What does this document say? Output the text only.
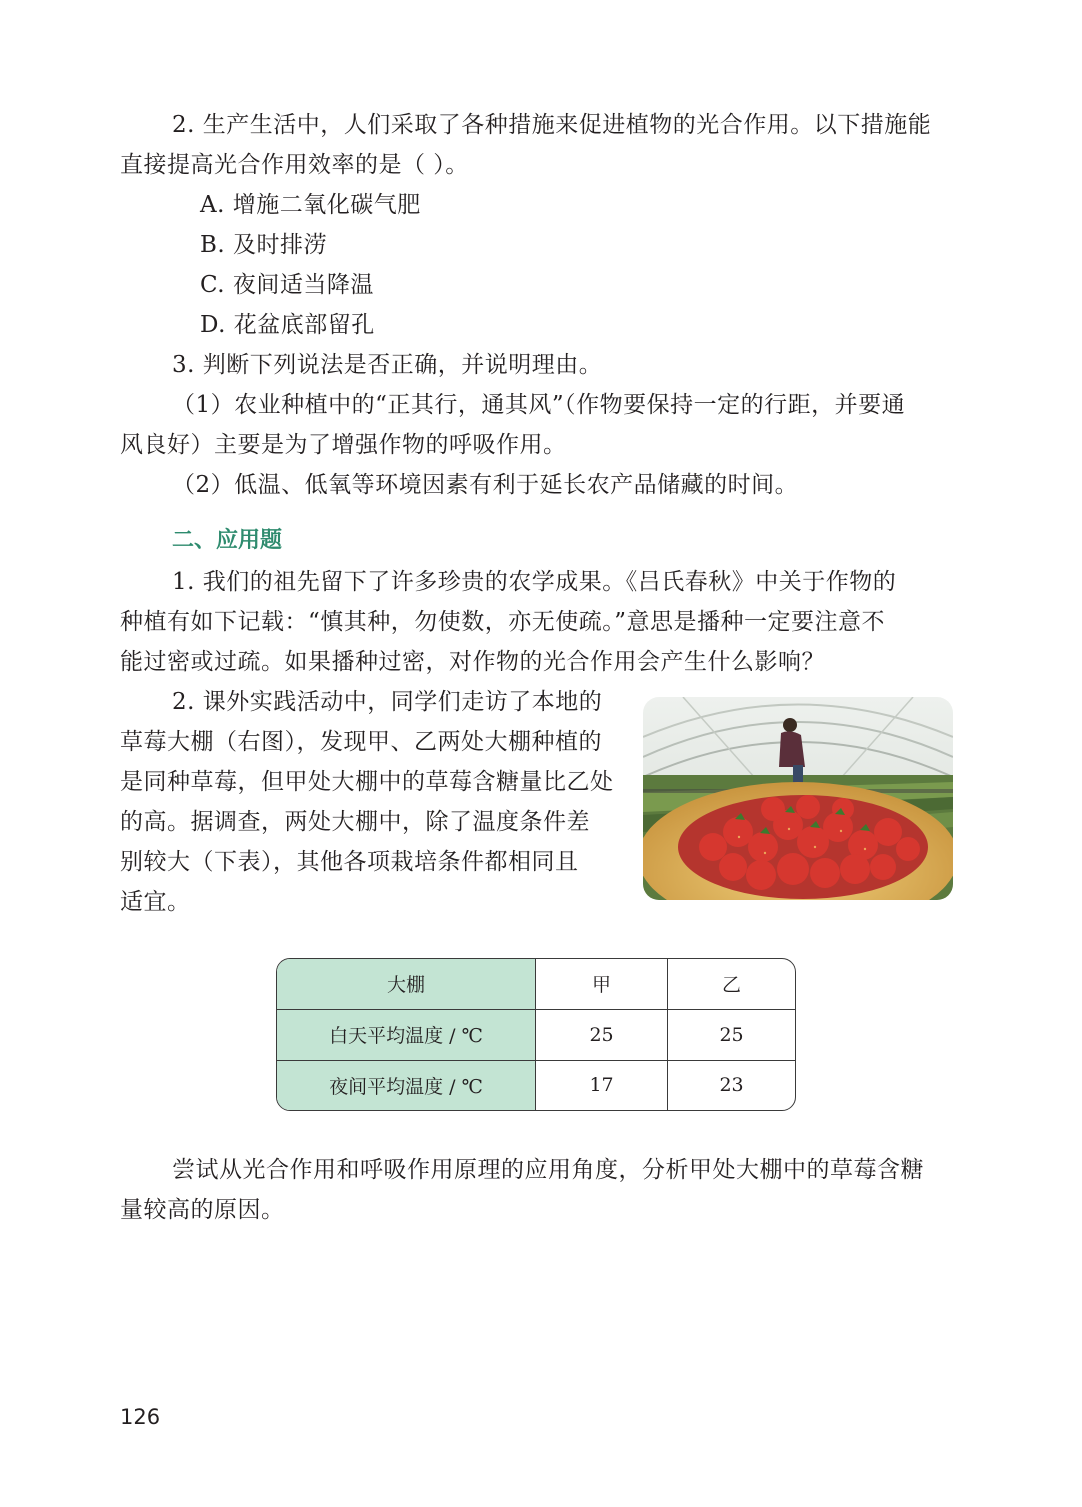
2. 生产生活中，人们采取了各种措施来促进植物的光合作用。以下措施能
直接提高光合作用效率的是（ ）。
A. 增施二氧化碳气肥
B. 及时排涝
C. 夜间适当降温
D. 花盆底部留孔
3. 判断下列说法是否正确，并说明理由。
（1）农业种植中的“正其行，通其风”（作物要保持一定的行距，并要通
风良好）主要是为了增强作物的呼吸作用。
（2）低温、低氧等环境因素有利于延长农产品储藏的时间。
二、应用题
1. 我们的祖先留下了许多珍贵的农学成果。《吕氏春秋》中关于作物的
种植有如下记载：“慎其种，勿使数，亦无使疏。”意思是播种一定要注意不
能过密或过疏。如果播种过密，对作物的光合作用会产生什么影响？
2. 课外实践活动中，同学们走访了本地的
草莓大棚（右图），发现甲、乙两处大棚种植的
是同种草莓，但甲处大棚中的草莓含糖量比乙处
的高。据调查，两处大棚中，除了温度条件差
别较大（下表），其他各项栽培条件都相同且
适宜。
大棚	甲	乙
白天平均温度 / ℃	25	25
夜间平均温度 / ℃	17	23
尝试从光合作用和呼吸作用原理的应用角度，分析甲处大棚中的草莓含糖
量较高的原因。
126
